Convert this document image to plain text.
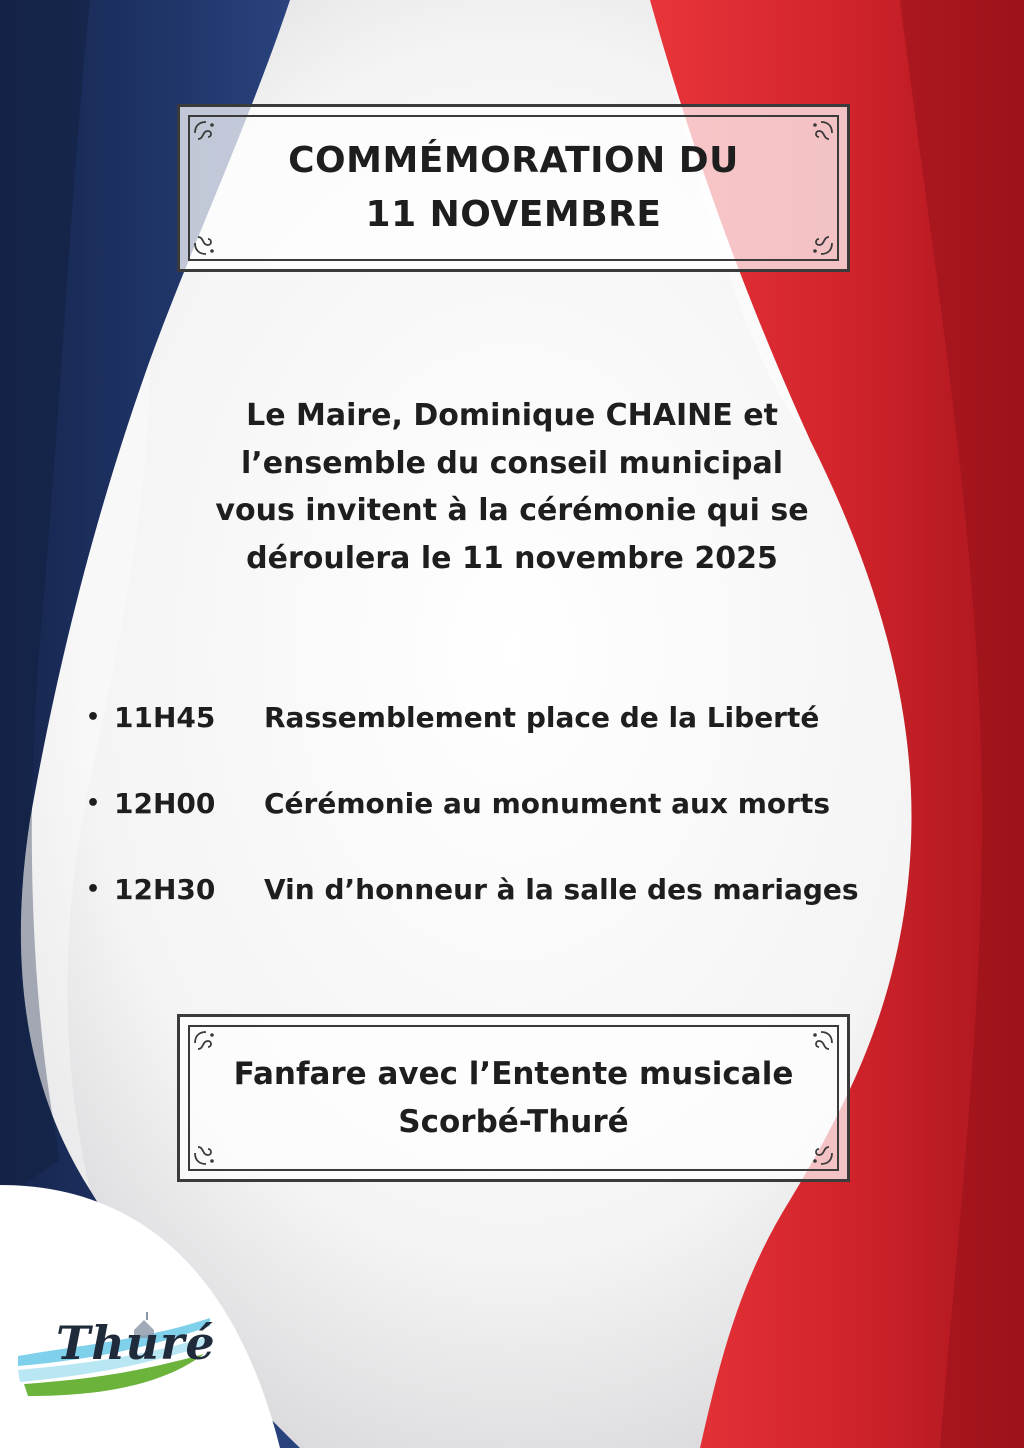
COMMÉMORATION DU
11 NOVEMBRE

Le Maire, Dominique CHAINE et
l’ensemble du conseil municipal
vous invitent à la cérémonie qui se
déroulera le 11 novembre 2025

• 11H45	Rassemblement place de la Liberté
• 12H00	Cérémonie au monument aux morts
• 12H30	Vin d’honneur à la salle des mariages

Fanfare avec l’Entente musicale
Scorbé-Thuré

Thuré
